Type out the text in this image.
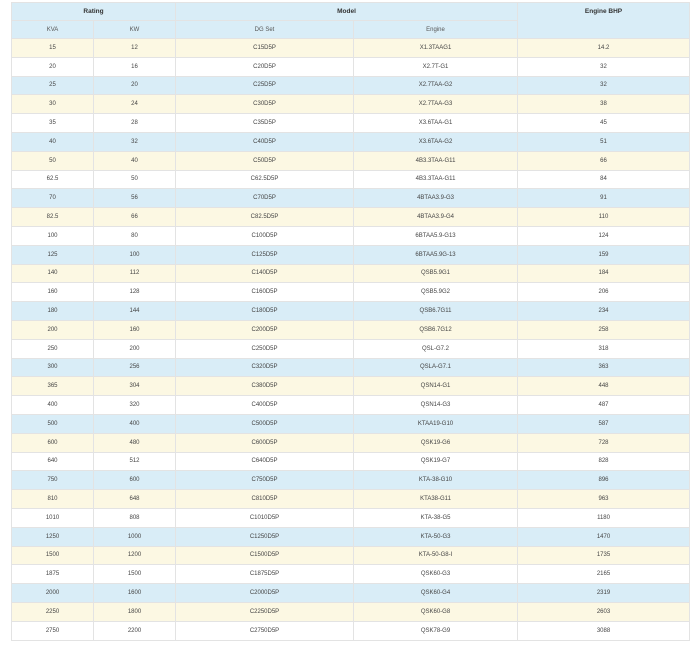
Rating		Model		Engine BHP
KVA	KW	DG Set	Engine	
15	12	C15D5P	X1.3TAAG1	14.2
20	16	C20D5P	X2.7T-G1	32
25	20	C25D5P	X2.7TAA-G2	32
30	24	C30D5P	X2.7TAA-G3	38
35	28	C35D5P	X3.6TAA-G1	45
40	32	C40D5P	X3.6TAA-G2	51
50	40	C50D5P	4B3.3TAA-G11	66
62.5	50	C62.5D5P	4B3.3TAA-G11	84
70	56	C70D5P	4BTAA3.9-G3	91
82.5	66	C82.5D5P	4BTAA3.9-G4	110
100	80	C100D5P	6BTAA5.9-G13	124
125	100	C125D5P	6BTAA5.9G-13	159
140	112	C140D5P	QSB5.9G1	184
160	128	C160D5P	QSB5.9G2	206
180	144	C180D5P	QSB6.7G11	234
200	160	C200D5P	QSB6.7G12	258
250	200	C250D5P	QSL-G7.2	318
300	256	C320D5P	QSLA-G7.1	363
365	304	C380D5P	QSN14-G1	448
400	320	C400D5P	QSN14-G3	487
500	400	C500D5P	KTAA19-G10	587
600	480	C600D5P	QSK19-G6	728
640	512	C640D5P	QSK19-G7	828
750	600	C750D5P	KTA-38-G10	896
810	648	C810D5P	KTA38-G11	963
1010	808	C1010D5P	KTA-38-G5	1180
1250	1000	C1250D5P	KTA-50-G3	1470
1500	1200	C1500D5P	KTA-50-G8-I	1735
1875	1500	C1875D5P	QSK60-G3	2165
2000	1600	C2000D5P	QSK60-G4	2319
2250	1800	C2250D5P	QSK60-G8	2603
2750	2200	C2750D5P	QSK78-G9	3088
